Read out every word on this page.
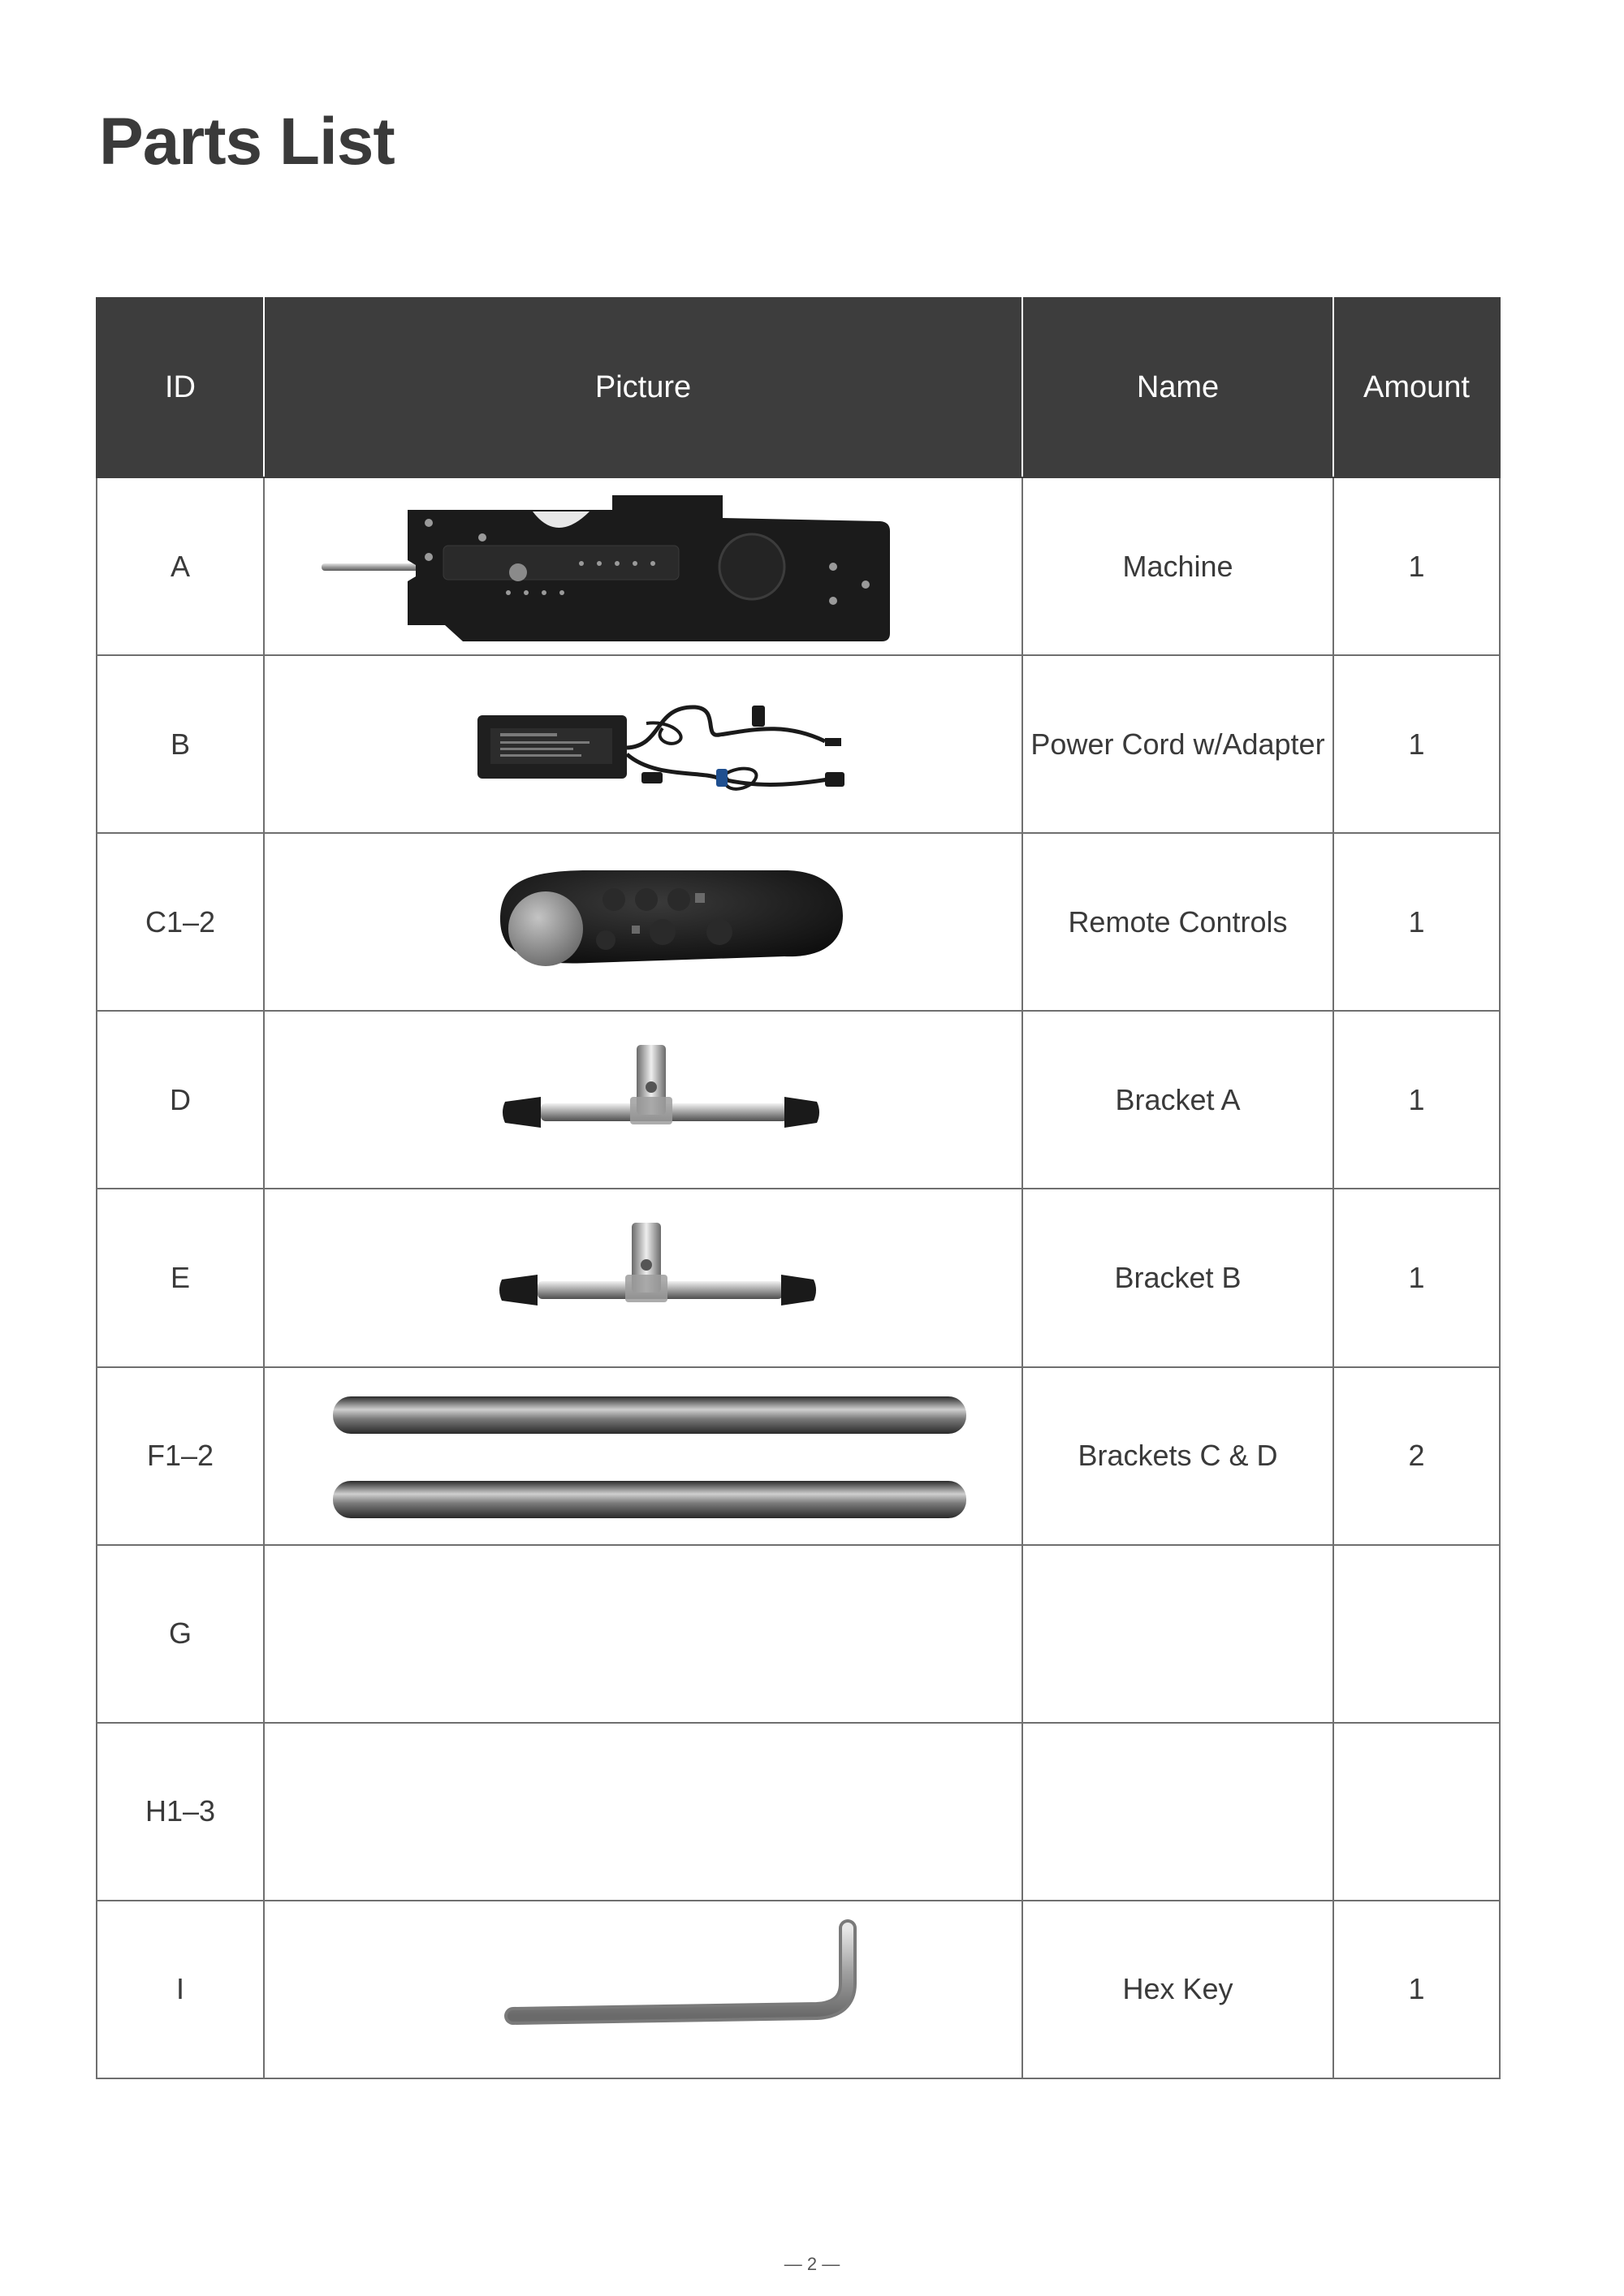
Parts List
ID	Picture	Name	Amount
A		Machine	1
B		Power Cord w/Adapter	1
C1–2		Remote Controls	1
D		Bracket A	1
E		Bracket B	1
F1–2		Brackets C & D	2
G	

H1–3	

I		Hex Key	1
— 2 —
